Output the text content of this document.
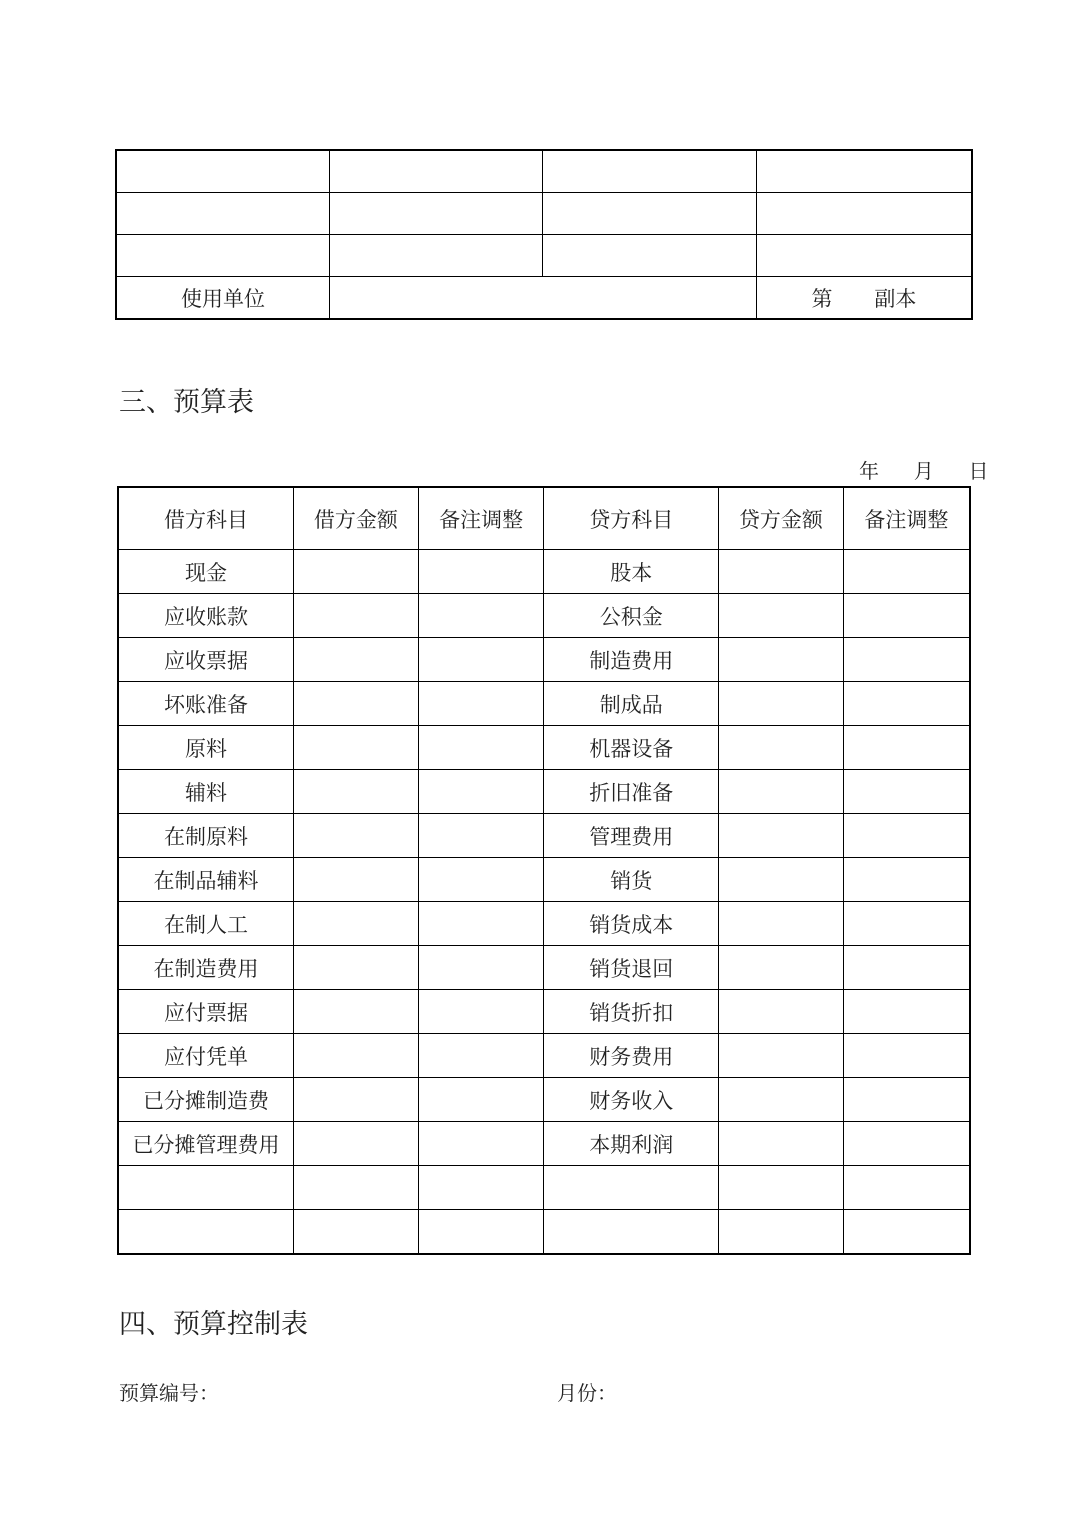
使用单位			第　　副本
三、预算表
年 月 日
借方科目	借方金额	备注调整	贷方科目	贷方金额	备注调整
现金			股本		
应收账款			公积金		
应收票据			制造费用		
坏账准备			制成品		
原料			机器设备		
辅料			折旧准备		
在制原料			管理费用		
在制品辅料			销货		
在制人工			销货成本		
在制造费用			销货退回		
应付票据			销货折扣		
应付凭单			财务费用		
已分摊制造费			财务收入		
已分摊管理费用			本期利润		

四、预算控制表
预算编号：	月份：
